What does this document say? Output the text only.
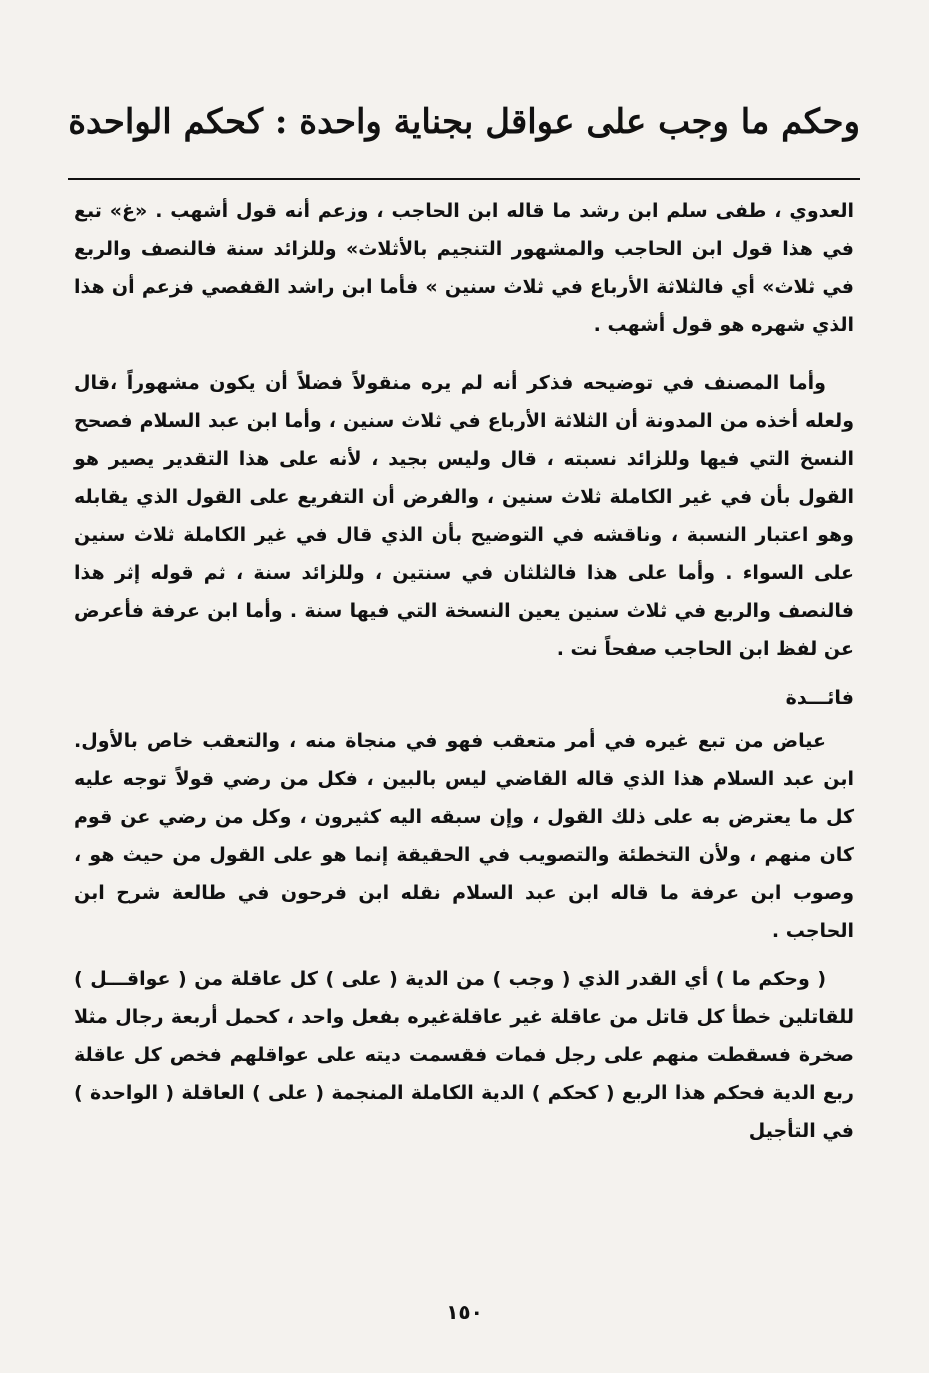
وحكم ما وجب على عواقل بجناية واحدة : كحكم الواحدة

العدوي ، طفى سلم ابن رشد ما قاله ابن الحاجب ، وزعم أنه قول أشهب . «غ» تبع في هذا قول ابن الحاجب والمشهور التنجيم بالأثلاث» وللزائد سنة فالنصف والربع في ثلاث» أي فالثلاثة الأرباع في ثلاث سنين » فأما ابن راشد القفصي فزعم أن هذا الذي شهره هو قول أشهب .

وأما المصنف في توضيحه فذكر أنه لم يره منقولاً فضلاً أن يكون مشهوراً ،قال ولعله أخذه من المدونة أن الثلاثة الأرباع في ثلاث سنين ، وأما ابن عبد السلام فصحح النسخ التي فيها وللزائد نسبته ، قال وليس بجيد ، لأنه على هذا التقدير يصير هو القول بأن في غير الكاملة ثلاث سنين ، والفرض أن التفريع على القول الذي يقابله وهو اعتبار النسبة ، وناقشه في التوضيح بأن الذي قال في غير الكاملة ثلاث سنين على السواء . وأما على هذا فالثلثان في سنتين ، وللزائد سنة ، ثم قوله إثر هذا فالنصف والربع في ثلاث سنين يعين النسخة التي فيها سنة . وأما ابن عرفة فأعرض عن لفظ ابن الحاجب صفحاً نت .

فائـــدة

عياض من تبع غيره في أمر متعقب فهو في منجاة منه ، والتعقب خاص بالأول. ابن عبد السلام هذا الذي قاله القاضي ليس بالبين ، فكل من رضي قولاً توجه عليه كل ما يعترض به على ذلك القول ، وإن سبقه اليه كثيرون ، وكل من رضي عن قوم كان منهم ، ولأن التخطئة والتصويب في الحقيقة إنما هو على القول من حيث هو ، وصوب ابن عرفة ما قاله ابن عبد السلام نقله ابن فرحون في طالعة شرح ابن الحاجب .

( وحكم ما ) أي القدر الذي ( وجب ) من الدية ( على ) كل عاقلة من ( عواقـــل ) للقاتلين خطأ كل قاتل من عاقلة غير عاقلةغيره بفعل واحد ، كحمل أربعة رجال مثلا صخرة فسقطت منهم على رجل فمات فقسمت ديته على عواقلهم فخص كل عاقلة ربع الدية فحكم هذا الربع ( كحكم ) الدية الكاملة المنجمة ( على ) العاقلة ( الواحدة ) في التأجيل

١٥٠
